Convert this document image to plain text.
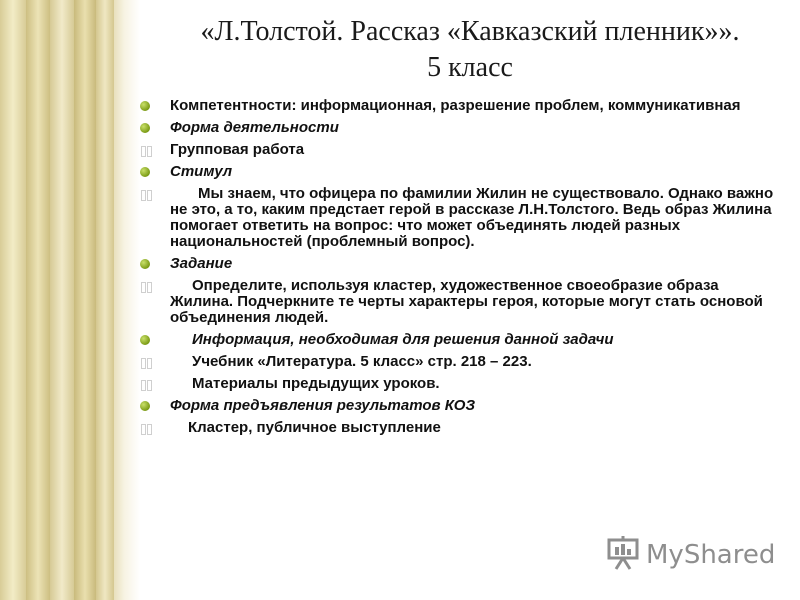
«Л.Толстой. Рассказ «Кавказский пленник»».
5 класс
Компетентности: информационная, разрешение проблем, коммуникативная
Форма деятельности
Групповая работа
Стимул
Мы знаем, что офицера по фамилии Жилин не существовало. Однако важно не это, а то, каким предстает герой в рассказе Л.Н.Толстого. Ведь образ Жилина помогает ответить на вопрос: что может объединять людей разных национальностей (проблемный вопрос).
Задание
Определите, используя кластер, художественное своеобразие образа Жилина. Подчеркните те черты характеры героя, которые могут стать основой объединения людей.
Информация, необходимая для решения данной задачи
Учебник «Литература. 5 класс» стр. 218 – 223.
Материалы предыдущих уроков.
Форма предъявления результатов КОЗ
Кластер, публичное выступление
MyShared
